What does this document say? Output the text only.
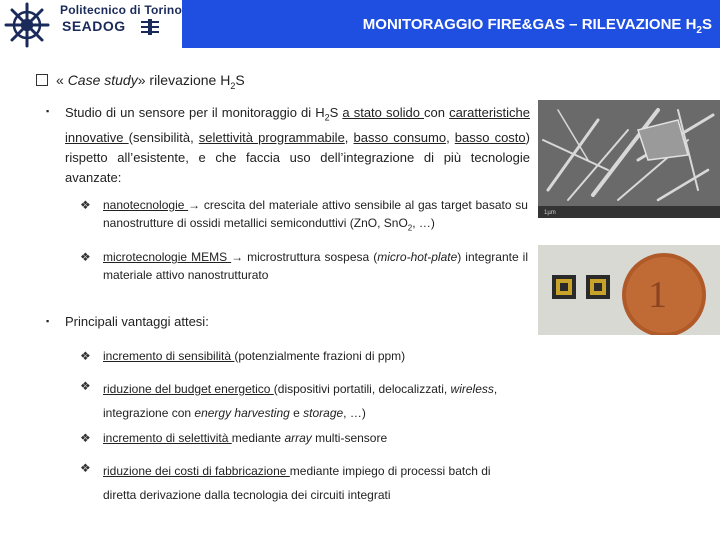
Politecnico di Torino
SEADOG	MONITORAGGIO FIRE&GAS – RILEVAZIONE $H_2S$
« Case study» rilevazione $H_2S$
▪ Studio di un sensore per il monitoraggio di $H_2S$ a stato solido con caratteristiche innovative (sensibilità, selettività programmabile, basso consumo, basso costo) rispetto all’esistente, e che faccia uso dell’integrazione di più tecnologie avanzate:
❖ nanotecnologie → crescita del materiale attivo sensibile al gas target basato su nanostrutture di ossidi metallici semiconduttivi (ZnO, SnO$_2$, …)
❖ microtecnologie MEMS → microstruttura sospesa (micro-hot-plate) integrante il materiale attivo nanostrutturato
▪ Principali vantaggi attesi:
❖ incremento di sensibilità (potenzialmente frazioni di ppm)
❖ riduzione del budget energetico (dispositivi portatili, delocalizzati, wireless,
integrazione con energy harvesting e storage, …)
❖ incremento di selettività mediante array multi-sensore
❖ riduzione dei costi di fabbricazione mediante impiego di processi batch di
diretta derivazione dalla tecnologia dei circuiti integrati
1µm
1
